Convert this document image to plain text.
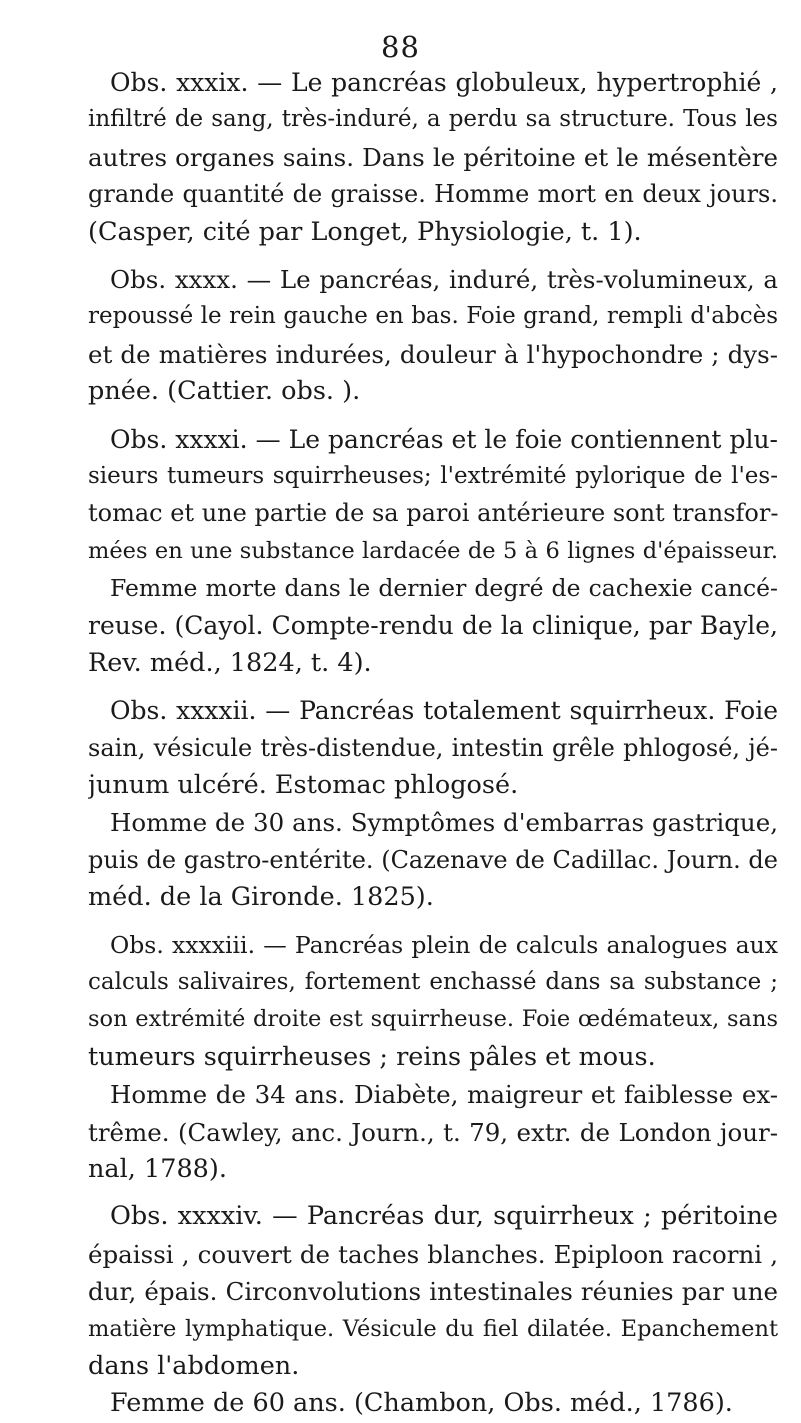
88
Obs. xxxix. — Le pancréas globuleux, hypertrophié ,
infiltré de sang, très-induré, a perdu sa structure. Tous les
autres organes sains. Dans le péritoine et le mésentère
grande quantité de graisse. Homme mort en deux jours.
(Casper, cité par Longet, Physiologie, t. 1).
Obs. xxxx. — Le pancréas, induré, très-volumineux, a
repoussé le rein gauche en bas. Foie grand, rempli d'abcès
et de matières indurées, douleur à l'hypochondre ; dys-
pnée. (Cattier. obs. ).
Obs. xxxxi. — Le pancréas et le foie contiennent plu-
sieurs tumeurs squirrheuses; l'extrémité pylorique de l'es-
tomac et une partie de sa paroi antérieure sont transfor-
mées en une substance lardacée de 5 à 6 lignes d'épaisseur.
Femme morte dans le dernier degré de cachexie cancé-
reuse. (Cayol. Compte-rendu de la clinique, par Bayle,
Rev. méd., 1824, t. 4).
Obs. xxxxii. — Pancréas totalement squirrheux. Foie
sain, vésicule très-distendue, intestin grêle phlogosé, jé-
junum ulcéré. Estomac phlogosé.
Homme de 30 ans. Symptômes d'embarras gastrique,
puis de gastro-entérite. (Cazenave de Cadillac. Journ. de
méd. de la Gironde. 1825).
Obs. xxxxiii. — Pancréas plein de calculs analogues aux
calculs salivaires, fortement enchassé dans sa substance ;
son extrémité droite est squirrheuse. Foie œdémateux, sans
tumeurs squirrheuses ; reins pâles et mous.
Homme de 34 ans. Diabète, maigreur et faiblesse ex-
trême. (Cawley, anc. Journ., t. 79, extr. de London jour-
nal, 1788).
Obs. xxxxiv. — Pancréas dur, squirrheux ; péritoine
épaissi , couvert de taches blanches. Epiploon racorni ,
dur, épais. Circonvolutions intestinales réunies par une
matière lymphatique. Vésicule du fiel dilatée. Epanchement
dans l'abdomen.
Femme de 60 ans. (Chambon, Obs. méd., 1786).
